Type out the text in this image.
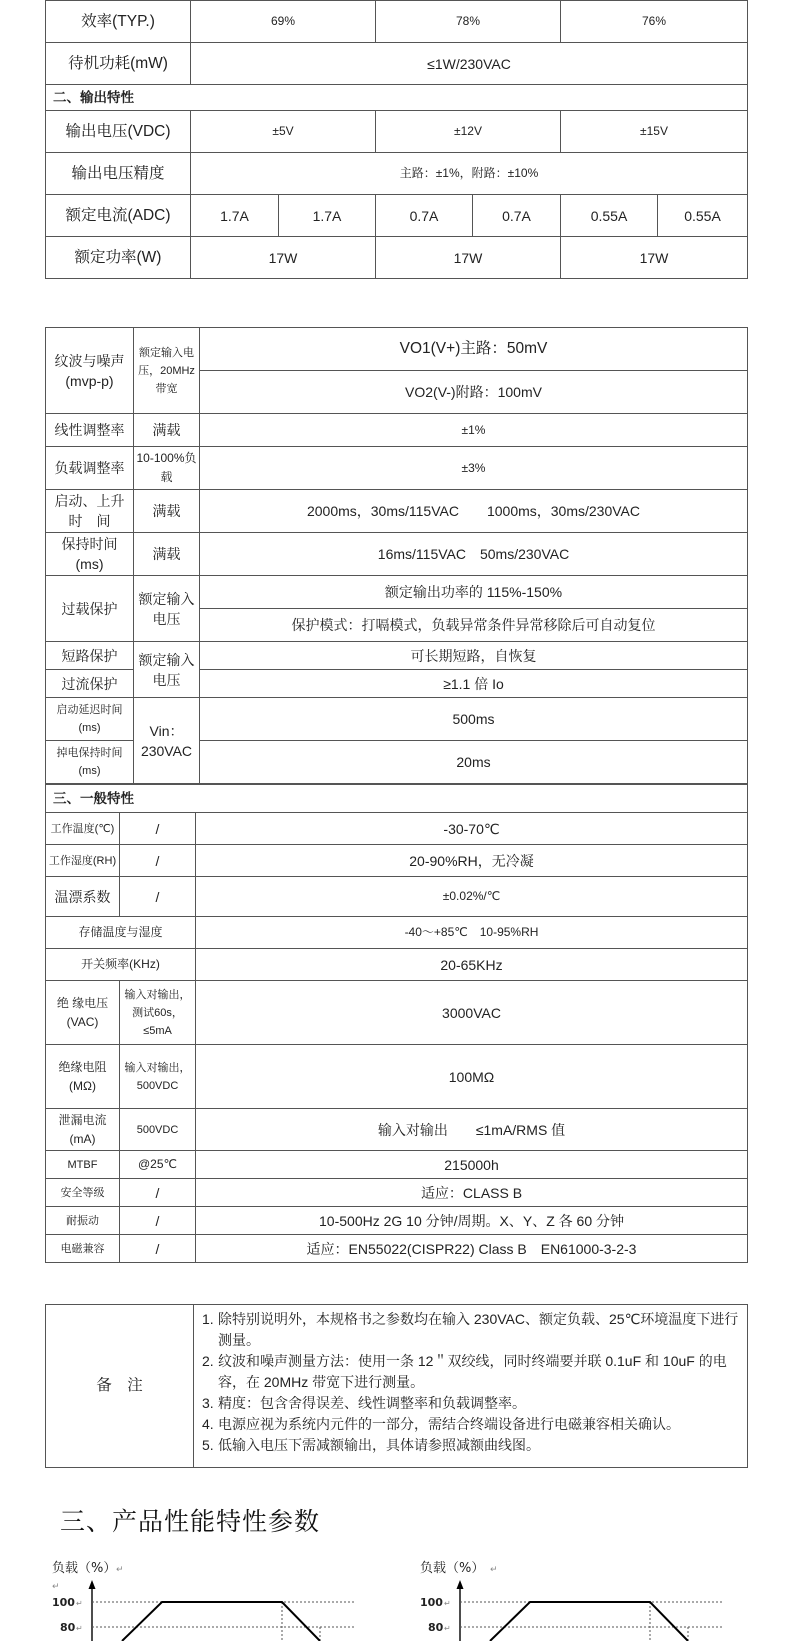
效率(TYP.)	69%		78%		76%	
待机功耗(mW)	≤1W/230VAC					
二、输出特性						
输出电压(VDC)	±5V		±12V		±15V	
输出电压精度	主路：±1%，附路：±10%					
额定电流(ADC)	1.7A	1.7A	0.7A	0.7A	0.55A	0.55A
额定功率(W)	17W		17W		17W	
纹波与噪声(mvp-p)	额定输入电压，20MHz带宽	VO1(V+)主路：50mV
		VO2(V-)附路：100mV
线性调整率	满载	±1%
负载调整率	10-100%负载	±3%
启动、上升时　间	满载	2000ms，30ms/115VAC　　1000ms，30ms/230VAC
保持时间(ms)	满载	16ms/115VAC　50ms/230VAC
过载保护	额定输入电压	额定输出功率的 115%-150%
		保护模式：打嗝模式，负载异常条件异常移除后可自动复位
短路保护	额定输入电压	可长期短路，自恢复
过流保护		≥1.1 倍 Io
启动延迟时间(ms)	Vin：230VAC	500ms
掉电保持时间(ms)		20ms
三、一般特性		
工作温度(℃)	/	-30-70℃
工作湿度(RH)	/	20-90%RH，无冷凝
温漂系数	/	±0.02%/℃
存储温度与湿度		-40～+85℃　10-95%RH
开关频率(KHz)		20-65KHz
绝 缘电压(VAC)	输入对输出，测试60s，≤5mA	3000VAC
绝缘电阻(MΩ)	输入对输出，500VDC	100MΩ
泄漏电流(mA)	500VDC	输入对输出　　≤1mA/RMS 值
MTBF	@25℃	215000h
安全等级	/	适应：CLASS B
耐振动	/	10-500Hz 2G 10 分钟/周期。X、Y、Z 各 60 分钟
电磁兼容	/	适应：EN55022(CISPR22) Class B　EN61000-3-2-3
备　注	
1. 除特别说明外，本规格书之参数均在输入 230VAC、额定负载、25℃环境温度下进行测量。
2. 纹波和噪声测量方法：使用一条 12＂双绞线，同时终端要并联 0.1uF 和 10uF 的电容，在 20MHz 带宽下进行测量。
3. 精度：包含舍得误差、线性调整率和负载调整率。
4. 电源应视为系统内元件的一部分，需结合终端设备进行电磁兼容相关确认。
5. 低输入电压下需减额输出，具体请参照减额曲线图。
三、产品性能特性参数
负载（%） ↵
↵
100 ↵
80 ↵
负载（%） ↵
100 ↵
80 ↵
